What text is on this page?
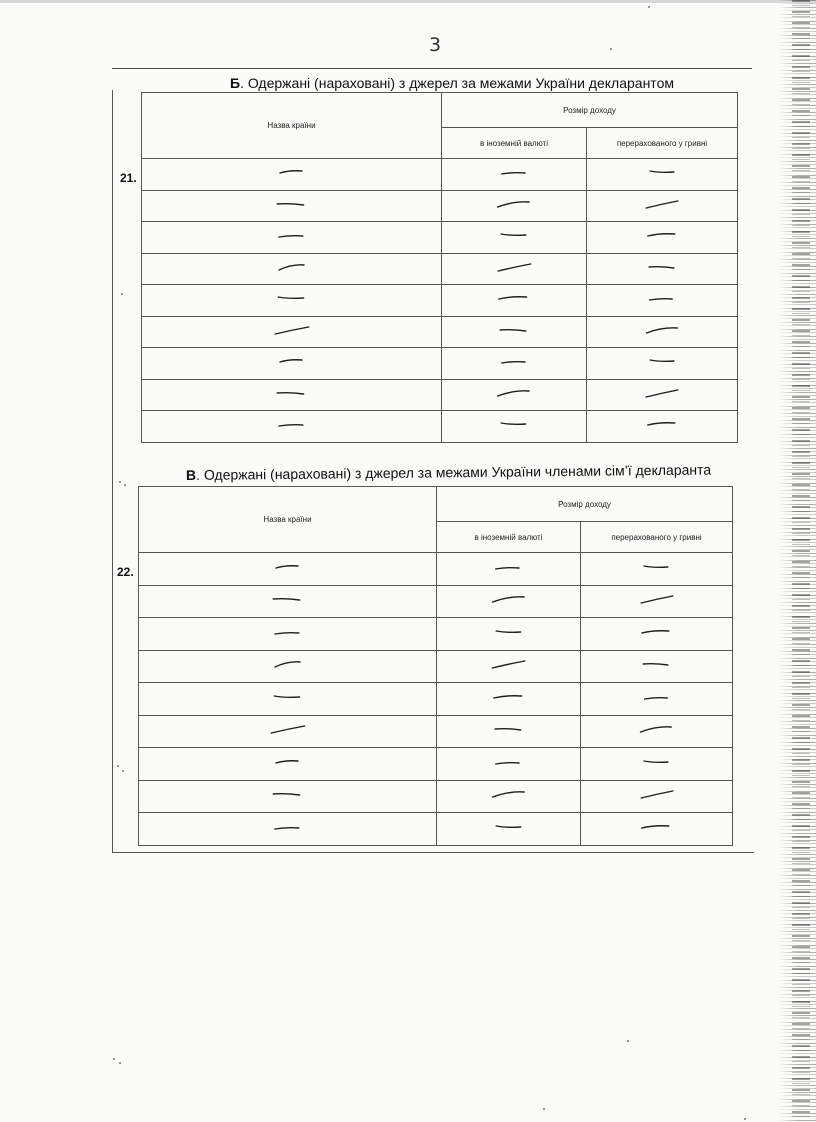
3
Б. Одержані (нараховані) з джерел за межами України декларантом
21.
Назва країни	Розмір доходу	
	в іноземній валюті	перерахованого у гривні

В. Одержані (нараховані) з джерел за межами України членами сім’ї декларанта
22.
Назва країни	Розмір доходу	
	в іноземній валюті	перерахованого у гривні
